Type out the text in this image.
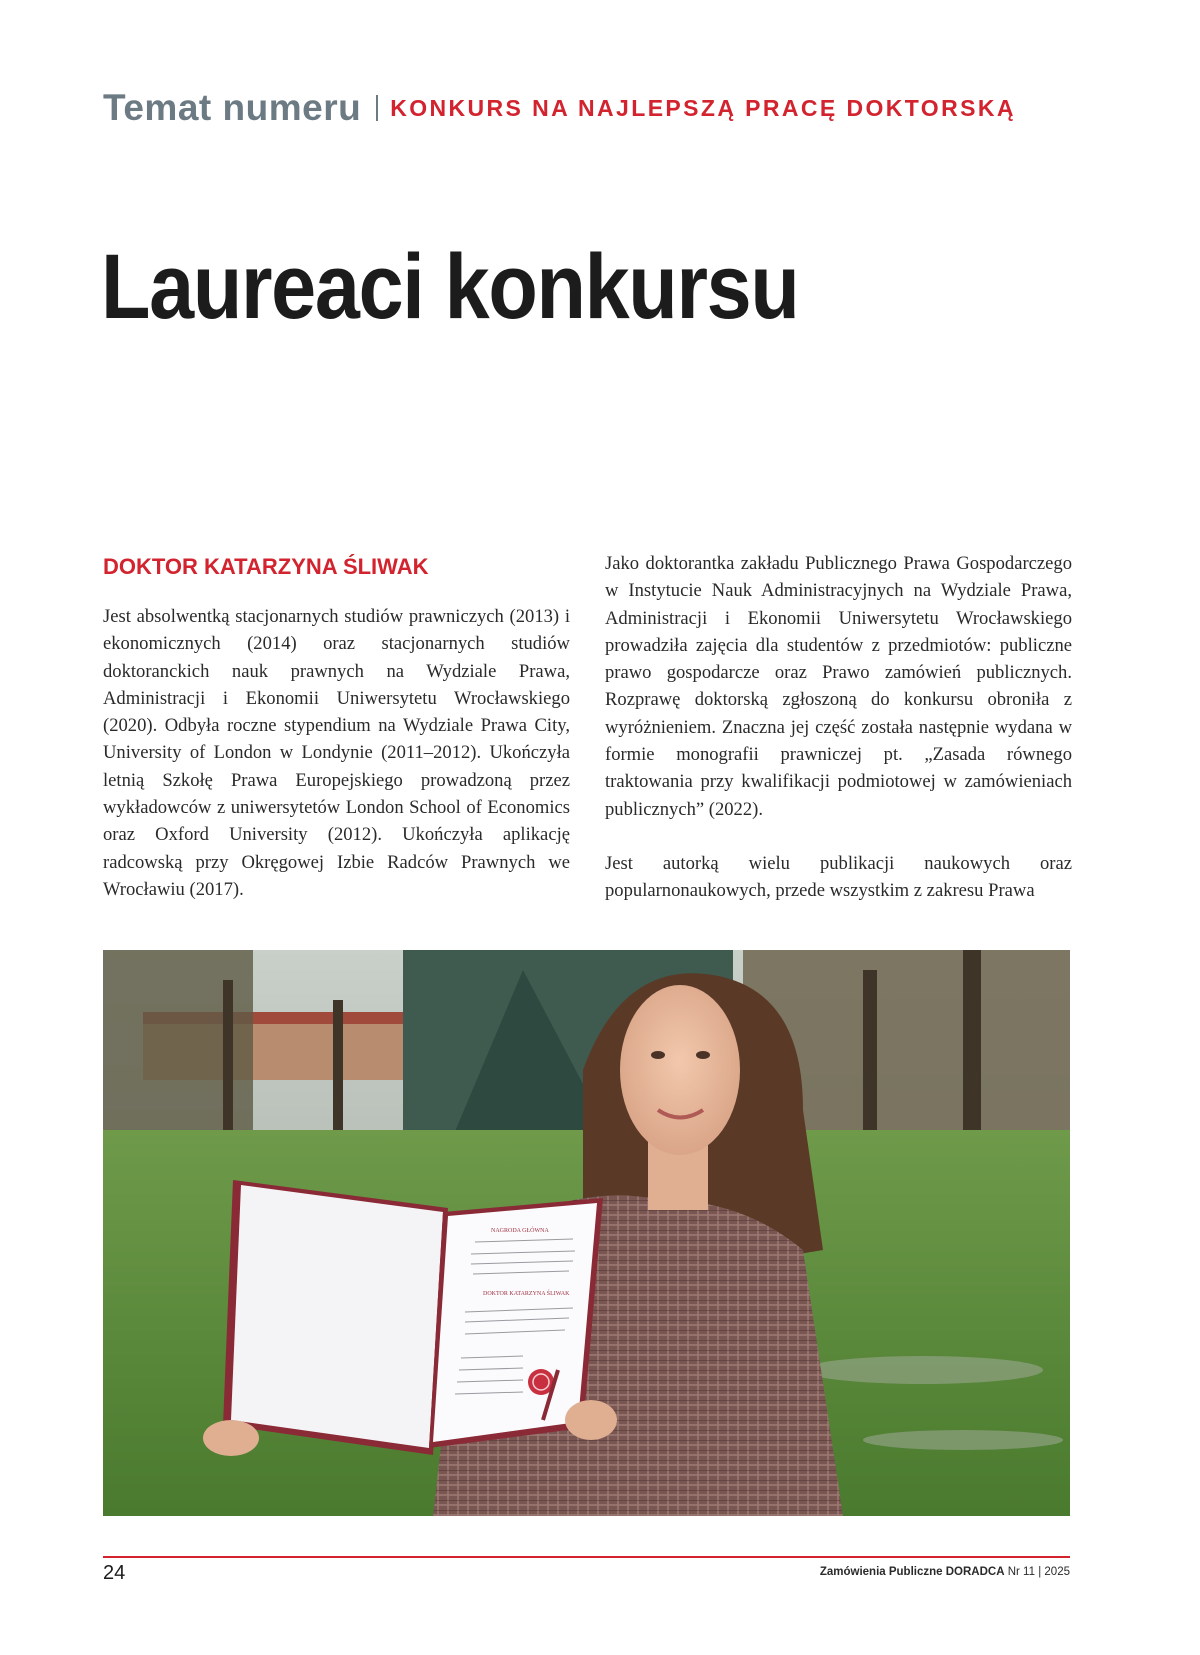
Temat numeru KONKURS NA NAJLEPSZĄ PRACĘ DOKTORSKĄ
Laureaci konkursu
DOKTOR KATARZYNA ŚLIWAK

Jest absolwentką stacjonarnych studiów prawniczych (2013) i ekonomicznych (2014) oraz stacjonarnych studiów doktoranckich nauk prawnych na Wydziale Prawa, Administracji i Ekonomii Uniwersytetu Wrocławskiego (2020). Odbyła roczne stypendium na Wydziale Prawa City, University of London w Londynie (2011–2012). Ukończyła letnią Szkołę Prawa Europejskiego prowadzoną przez wykładowców z uniwersytetów London School of Economics oraz Oxford University (2012). Ukończyła aplikację radcowską przy Okręgowej Izbie Radców Prawnych we Wrocławiu (2017).

Jako doktorantka zakładu Publicznego Prawa Gospodarczego w Instytucie Nauk Administracyjnych na Wydziale Prawa, Administracji i Ekonomii Uniwersytetu Wrocławskiego prowadziła zajęcia dla studentów z przedmiotów: publiczne prawo gospodarcze oraz Prawo zamówień publicznych. Rozprawę doktorską zgłoszoną do konkursu obroniła z wyróżnieniem. Znaczna jej część została następnie wydana w formie monografii prawniczej pt. „Zasada równego traktowania przy kwalifikacji podmiotowej w zamówieniach publicznych” (2022).

Jest autorką wielu publikacji naukowych oraz popularnonaukowych, przede wszystkim z zakresu Prawa

NAGRODA GŁÓWNA
DOKTOR KATARZYNA ŚLIWAK
24	Zamówienia Publiczne DORADCA Nr 11 | 2025
